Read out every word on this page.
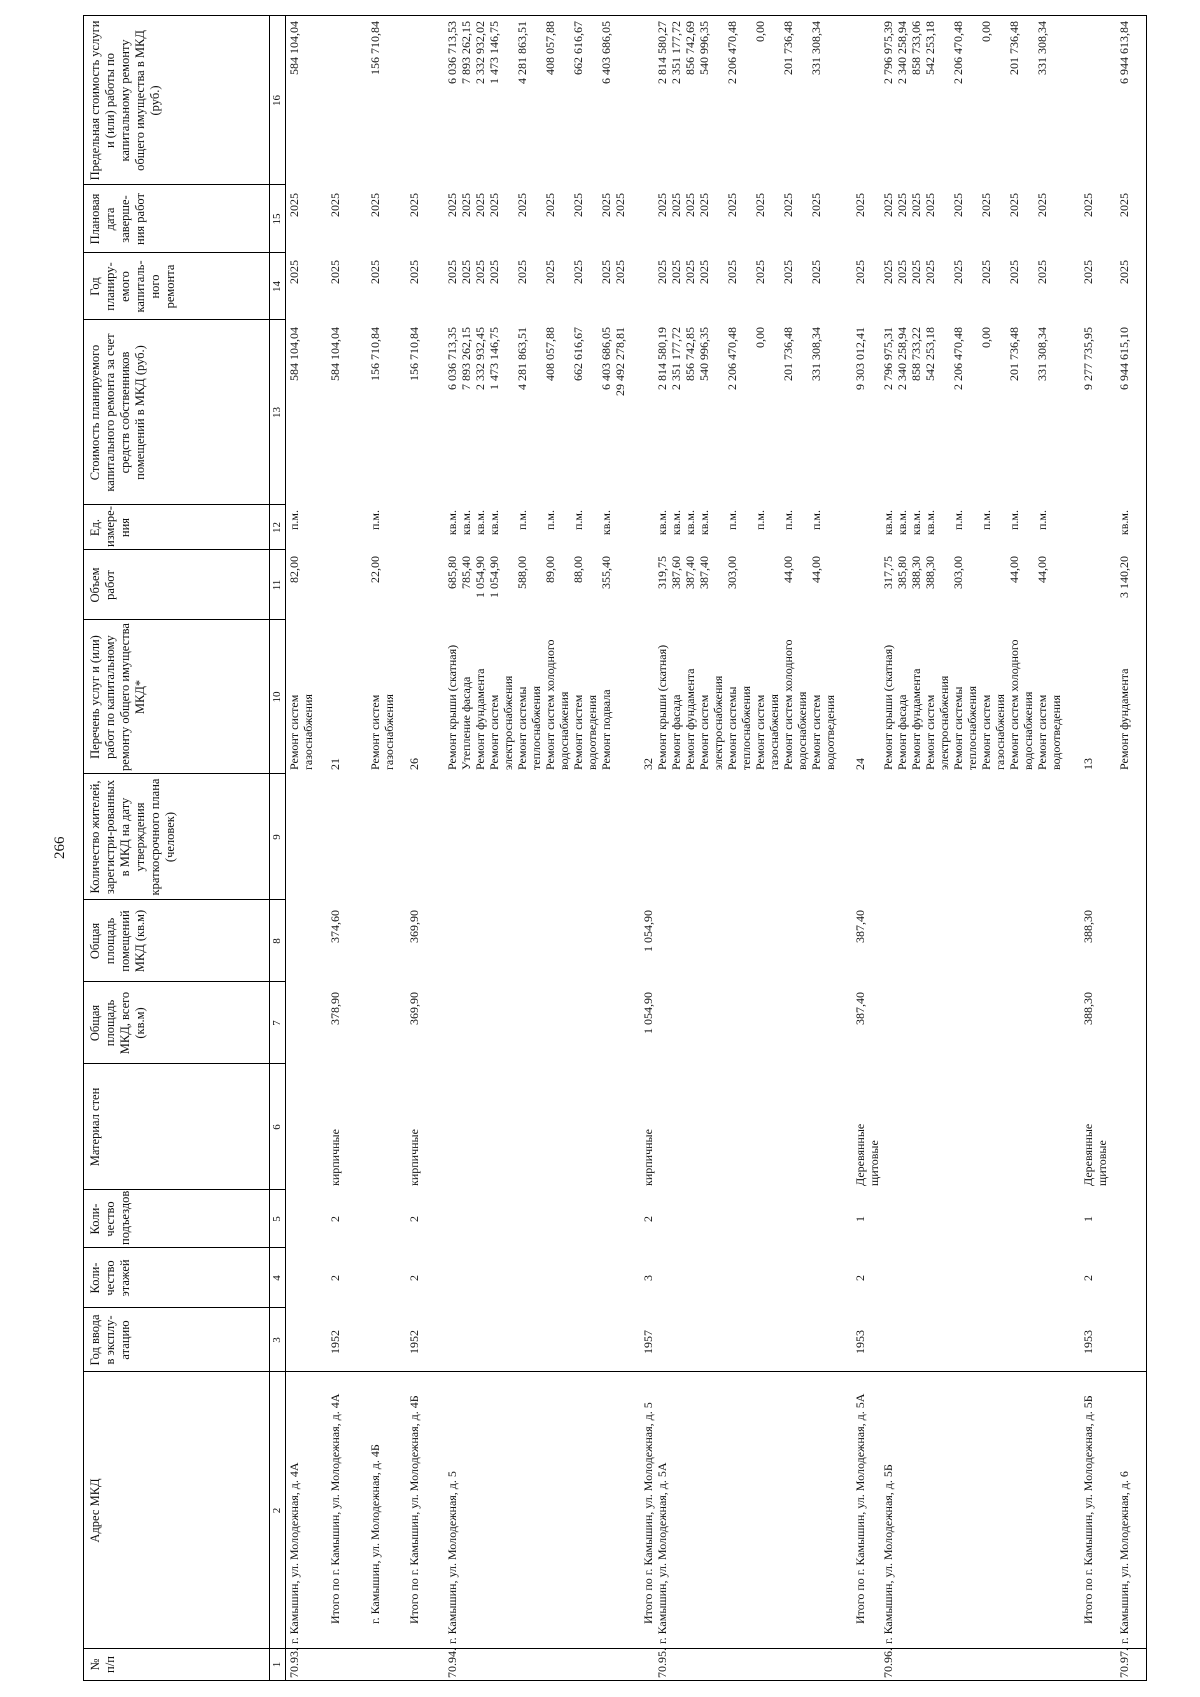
266
№ п/п
Адрес МКД
Год ввода в эксплу-атацию
Коли-чество этажей
Коли-чество подъездов
Материал стен
Общая площадь МКД, всего (кв.м)
Общая площадь помещений МКД (кв.м)
Количество жителей, зарегистри-рованных в МКД на дату утверждения краткосрочного плана (человек)
Перечень услуг и (или) работ по капитальному ремонту общего имущества МКД*
Объем работ
Ед. измере-ния
Стоимость планируемого капитального ремонта за счет средств собственников помещений в МКД (руб.)
Год планиру-емого капиталь-ного ремонта
Плановая дата заверше-ния работ
Предельная стоимость услуги и (или) работы по капитальному ремонту общего имущества в МКД (руб.)
1
2
3
4
5
6
7
8
9
10
11
12
13
14
15
16
70.93.
г. Камышин, ул. Молодежная, д. 4А
Ремонт систем
газоснабжения
82,00
п.м.
584 104,04
2025
2025
584 104,04
Итого по г. Камышин, ул. Молодежная, д. 4А
1952
2
2
кирпичные
378,90
374,60
21
584 104,04
2025
2025
г. Камышин, ул. Молодежная, д. 4Б
Ремонт систем
газоснабжения
22,00
п.м.
156 710,84
2025
2025
156 710,84
Итого по г. Камышин, ул. Молодежная, д. 4Б
1952
2
2
кирпичные
369,90
369,90
26
156 710,84
2025
2025
70.94.
г. Камышин, ул. Молодежная, д. 5
Ремонт крыши (скатная)
Утепление фасада
Ремонт фундамента
Ремонт систем
электроснабжения
Ремонт системы
теплоснабжения
Ремонт систем холодного
водоснабжения
Ремонт систем
водоотведения
Ремонт подвала
685,80
785,40
1 054,90
1 054,90

588,00

89,00

88,00

355,40
кв.м.
кв.м.
кв.м.
кв.м.

п.м.

п.м.

п.м.

кв.м.
6 036 713,35
7 893 262,15
2 332 932,45
1 473 146,75

4 281 863,51

408 057,88

662 616,67

6 403 686,05
29 492 278,81
2025
2025
2025
2025

2025

2025

2025

2025
2025
2025
2025
2025
2025

2025

2025

2025

2025
2025
6 036 713,53
7 893 262,15
2 332 932,02
1 473 146,75

4 281 863,51

408 057,88

662 616,67

6 403 686,05
Итого по г. Камышин, ул. Молодежная, д. 5
1957
3
2
кирпичные
1 054,90
1 054,90
32
70.95.
г. Камышин, ул. Молодежная, д. 5А
Ремонт крыши (скатная)
Ремонт фасада
Ремонт фундамента
Ремонт систем
электроснабжения
Ремонт системы
теплоснабжения
Ремонт систем
газоснабжения
Ремонт систем холодного
водоснабжения
Ремонт систем
водоотведения
319,75
387,60
387,40
387,40

303,00

44,00

44,00
кв.м.
кв.м.
кв.м.
кв.м.

п.м.

п.м.

п.м.

п.м.
2 814 580,19
2 351 177,72
856 742,85
540 996,35

2 206 470,48

0,00

201 736,48

331 308,34
2025
2025
2025
2025

2025

2025

2025

2025
2025
2025
2025
2025

2025

2025

2025

2025
2 814 580,27
2 351 177,72
856 742,69
540 996,35

2 206 470,48

0,00

201 736,48

331 308,34
Итого по г. Камышин, ул. Молодежная, д. 5А
1953
2
1
Деревянные
щитовые
387,40
387,40
24
9 303 012,41
2025
2025
70.96.
г. Камышин, ул. Молодежная, д. 5Б
Ремонт крыши (скатная)
Ремонт фасада
Ремонт фундамента
Ремонт систем
электроснабжения
Ремонт системы
теплоснабжения
Ремонт систем
газоснабжения
Ремонт систем холодного
водоснабжения
Ремонт систем
водоотведения
317,75
385,80
388,30
388,30

303,00

44,00

44,00
кв.м.
кв.м.
кв.м.
кв.м.

п.м.

п.м.

п.м.

п.м.
2 796 975,31
2 340 258,94
858 733,22
542 253,18

2 206 470,48

0,00

201 736,48

331 308,34
2025
2025
2025
2025

2025

2025

2025

2025
2025
2025
2025
2025

2025

2025

2025

2025
2 796 975,39
2 340 258,94
858 733,06
542 253,18

2 206 470,48

0,00

201 736,48

331 308,34
Итого по г. Камышин, ул. Молодежная, д. 5Б
1953
2
1
Деревянные
щитовые
388,30
388,30
13
9 277 735,95
2025
2025
70.97.
г. Камышин, ул. Молодежная, д. 6
Ремонт фундамента
3 140,20
кв.м.
6 944 615,10
2025
2025
6 944 613,84
